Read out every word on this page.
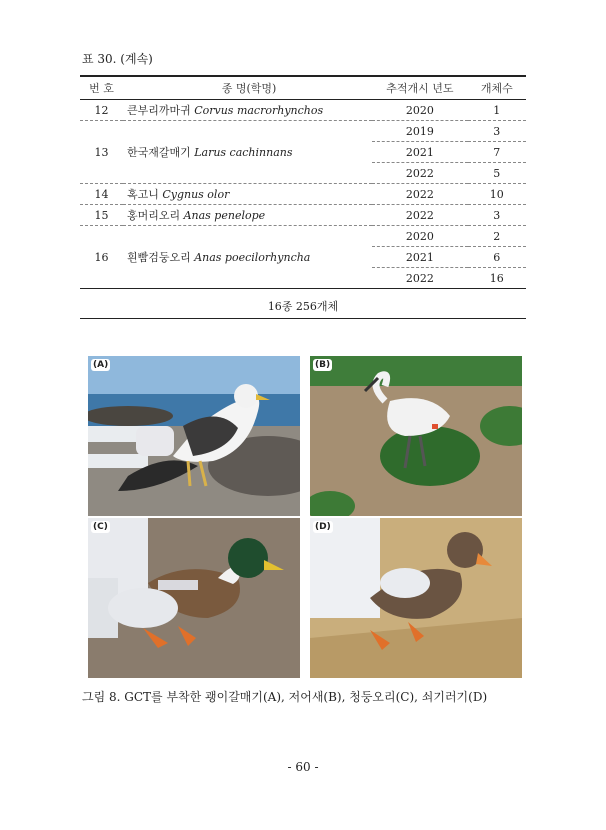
표 30. (계속)
번 호	종 명(학명)	추적개시 년도	개체수
12	큰부리까마귀 Corvus macrorhynchos	2020	1
13	한국재갈매기 Larus cachinnans	2019	3
		2021	7
		2022	5
14	혹고니 Cygnus olor	2022	10
15	홍머리오리 Anas penelope	2022	3
16	흰빰검둥오리 Anas poecilorhyncha	2020	2
		2021	6
		2022	16
16종 256개체
(A)	(B)
(C)	(D)
그림 8. GCT를 부착한 괭이갈매기(A), 저어새(B), 청둥오리(C), 쇠기러기(D)
- 60 -
